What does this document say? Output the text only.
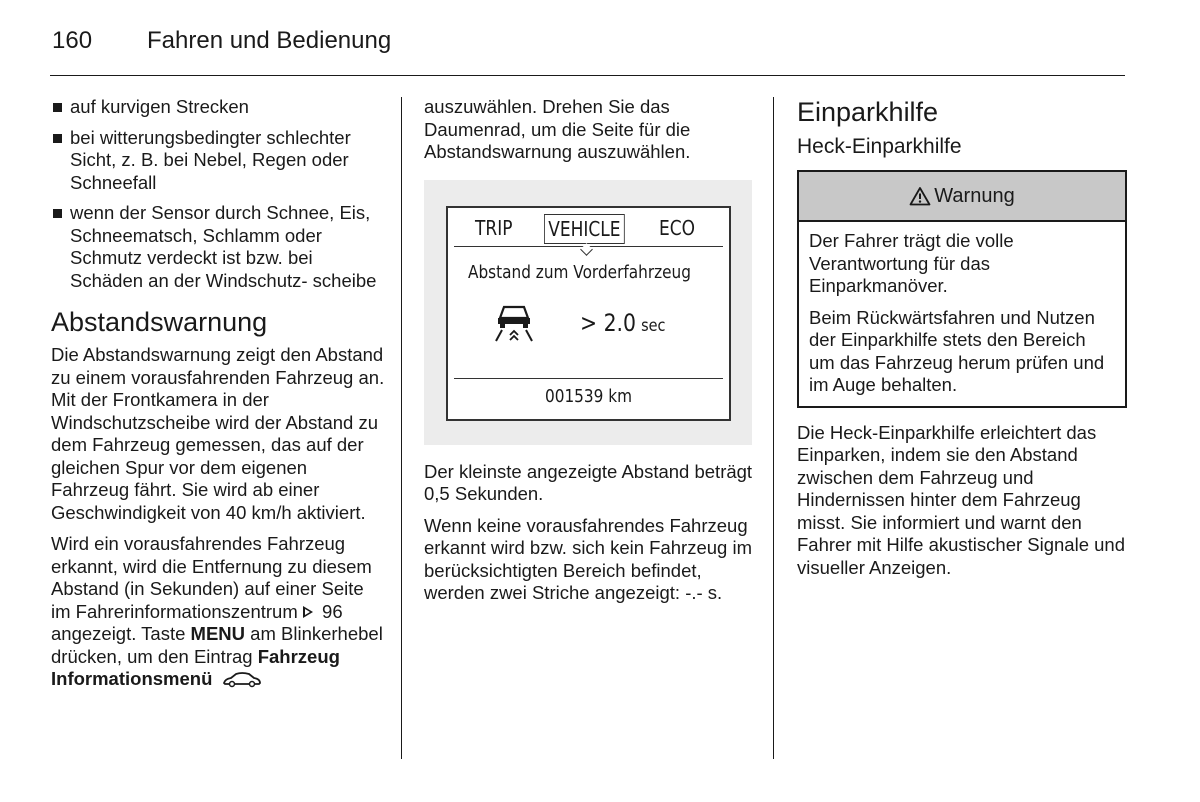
160 Fahren und Bedienung
auf kurvigen Strecken
bei witterungsbedingter schlechter Sicht, z. B. bei Nebel, Regen oder Schneefall
wenn der Sensor durch Schnee, Eis, Schneematsch, Schlamm oder Schmutz verdeckt ist bzw. bei Schäden an der Windschutz- scheibe
Abstandswarnung

Die Abstandswarnung zeigt den Abstand zu einem vorausfahrenden Fahrzeug an. Mit der Frontkamera in der Windschutzscheibe wird der Abstand zu dem Fahrzeug gemessen, das auf der gleichen Spur vor dem eigenen Fahrzeug fährt. Sie wird ab einer Geschwindigkeit von 40 km/h aktiviert.

Wird ein vorausfahrendes Fahrzeug erkannt, wird die Entfernung zu diesem Abstand (in Sekunden) auf einer Seite im Fahrerinformationszentrum 96 angezeigt. Taste MENU am Blinkerhebel drücken, um den Eintrag Fahrzeug Informationsmenü

auszuwählen. Drehen Sie das Daumenrad, um die Seite für die Abstandswarnung auszuwählen.

TRIP VEHICLE ECO
Abstand zum Vorderfahrzeug
> 2.0 sec
001539 km

Der kleinste angezeigte Abstand beträgt 0,5 Sekunden.

Wenn keine vorausfahrendes Fahrzeug erkannt wird bzw. sich kein Fahrzeug im berücksichtigten Bereich befindet, werden zwei Striche angezeigt: -.- s.

Einparkhilfe
Heck-Einparkhilfe
Warnung

Der Fahrer trägt die volle Verantwortung für das Einparkmanöver.

Beim Rückwärtsfahren und Nutzen der Einparkhilfe stets den Bereich um das Fahrzeug herum prüfen und im Auge behalten.

Die Heck-Einparkhilfe erleichtert das Einparken, indem sie den Abstand zwischen dem Fahrzeug und Hindernissen hinter dem Fahrzeug misst. Sie informiert und warnt den Fahrer mit Hilfe akustischer Signale und visueller Anzeigen.
